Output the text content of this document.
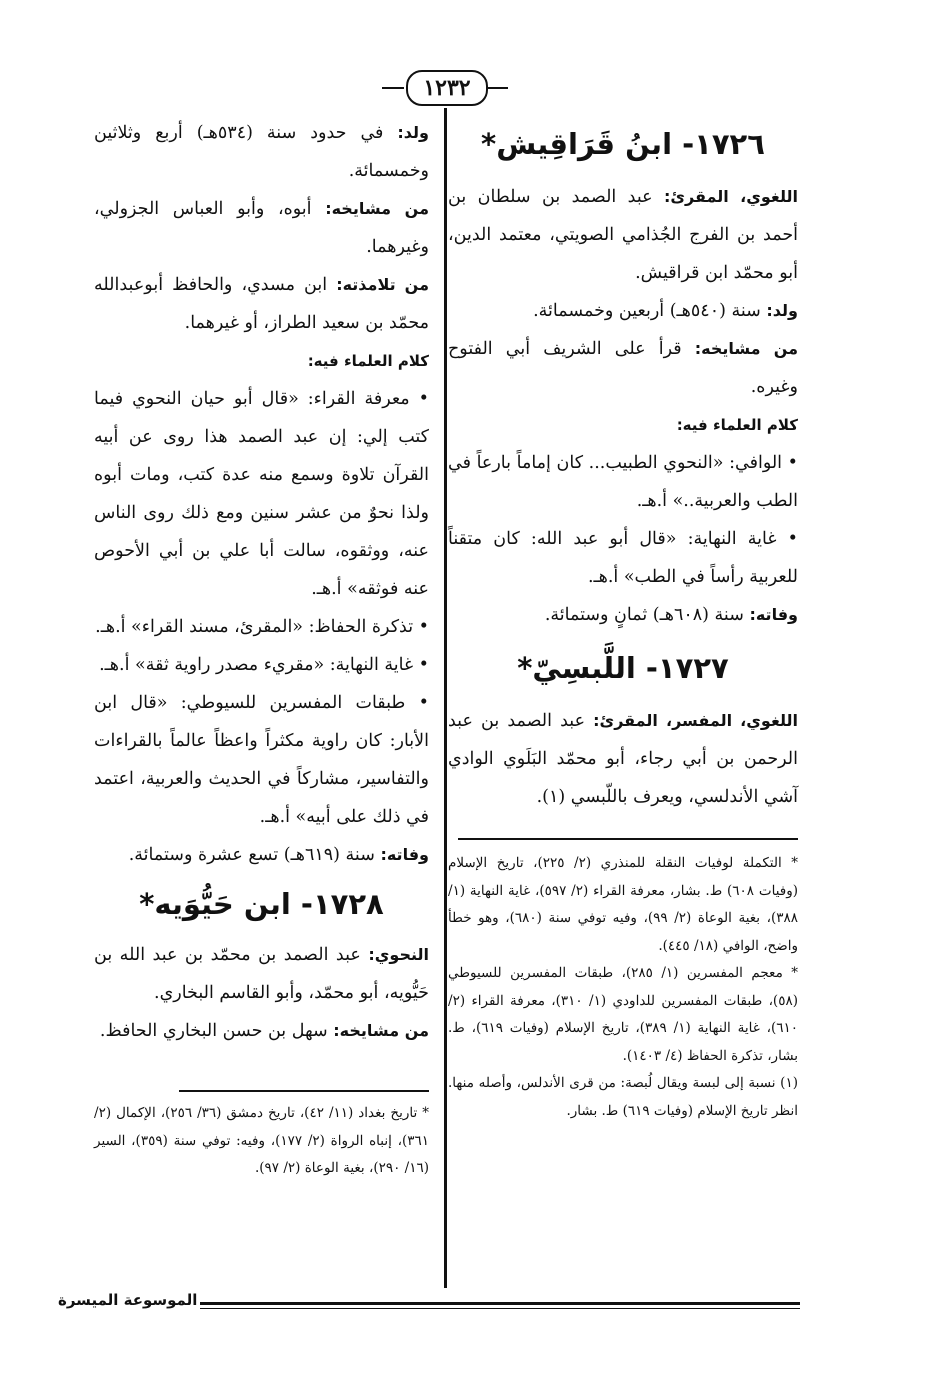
١٢٣٢
١٧٢٦- ابنُ قَرَاقِيش*

اللغوي، المقرئ: عبد الصمد بن سلطان بن أحمد بن الفرج الجُذامي الصويتي، معتمد الدين، أبو محمّد ابن قراقيش.

ولد: سنة (٥٤٠هـ) أربعين وخمسمائة.

من مشايخه: قرأ على الشريف أبي الفتوح وغيره.

كلام العلماء فيه:

• الوافي: «النحوي الطبيب... كان إماماً بارعاً في الطب والعربية..» أ.هـ.

• غاية النهاية: «قال أبو عبد الله: كان متقناً للعربية رأساً في الطب» أ.هـ.

وفاته: سنة (٦٠٨هـ) ثمانٍ وستمائة.

١٧٢٧- اللَّبسِيّ*

اللغوي، المفسر، المقرئ: عبد الصمد بن عبد الرحمن بن أبي رجاء، أبو محمّد البَلَوي الوادي آشي الأندلسي، ويعرف باللّبسي (١).

* التكملة لوفيات النقلة للمنذري (٢/ ٢٢٥)، تاريخ الإسلام (وفيات ٦٠٨) ط. بشار، معرفة القراء (٢/ ٥٩٧)، غاية النهاية (١/ ٣٨٨)، بغية الوعاة (٢/ ٩٩)، وفيه توفي سنة (٦٨٠)، وهو خطأ واضح، الوافي (١٨/ ٤٤٥).

* معجم المفسرين (١/ ٢٨٥)، طبقات المفسرين للسيوطي (٥٨)، طبقات المفسرين للداودي (١/ ٣١٠)، معرفة القراء (٢/ ٦١٠)، غاية النهاية (١/ ٣٨٩)، تاريخ الإسلام (وفيات ٦١٩)، ط. بشار، تذكرة الحفاظ (٤/ ١٤٠٣).

(١) نسبة إلى لبسة ويقال لُبصة: من قرى الأندلس، وأصله منها. انظر تاريخ الإسلام (وفيات ٦١٩) ط. بشار.

ولد: في حدود سنة (٥٣٤هـ) أربع وثلاثين وخمسمائة.

من مشايخه: أبوه، وأبو العباس الجزولي، وغيرهما.

من تلامذته: ابن مسدي، والحافظ أبوعبدالله محمّد بن سعيد الطراز، أو غيرهما.

كلام العلماء فيه:

• معرفة القراء: «قال أبو حيان النحوي فيما كتب إلي: إن عبد الصمد هذا روى عن أبيه القرآن تلاوة وسمع منه عدة كتب، ومات أبوه ولذا نحوٌ من عشر سنين ومع ذلك روى الناس عنه، ووثقوه، سالت أبا علي بن أبي الأحوص عنه فوثقه» أ.هـ.

• تذكرة الحفاظ: «المقرئ، مسند القراء» أ.هـ.

• غاية النهاية: «مقريء مصدر راوية ثقة» أ.هـ.

• طبقات المفسرين للسيوطي: «قال ابن الأبار: كان راوية مكثراً واعظاً عالماً بالقراءات والتفاسير، مشاركاً في الحديث والعربية، اعتمد في ذلك على أبيه» أ.هـ.

وفاته: سنة (٦١٩هـ) تسع عشرة وستمائة.

١٧٢٨- ابن حَيُّوَيه*

النحوي: عبد الصمد بن محمّد بن عبد الله بن حَيُّويه، أبو محمّد، وأبو القاسم البخاري.

من مشايخه: سهل بن حسن البخاري الحافظ.

* تاريخ بغداد (١١/ ٤٢)، تاريخ دمشق (٣٦/ ٢٥٦)، الإكمال (٢/ ٣٦١)، إنباه الرواة (٢/ ١٧٧)، وفيه: توفي سنة (٣٥٩)، السير (١٦/ ٢٩٠)، بغية الوعاة (٢/ ٩٧).

الموسوعة الميسرة
